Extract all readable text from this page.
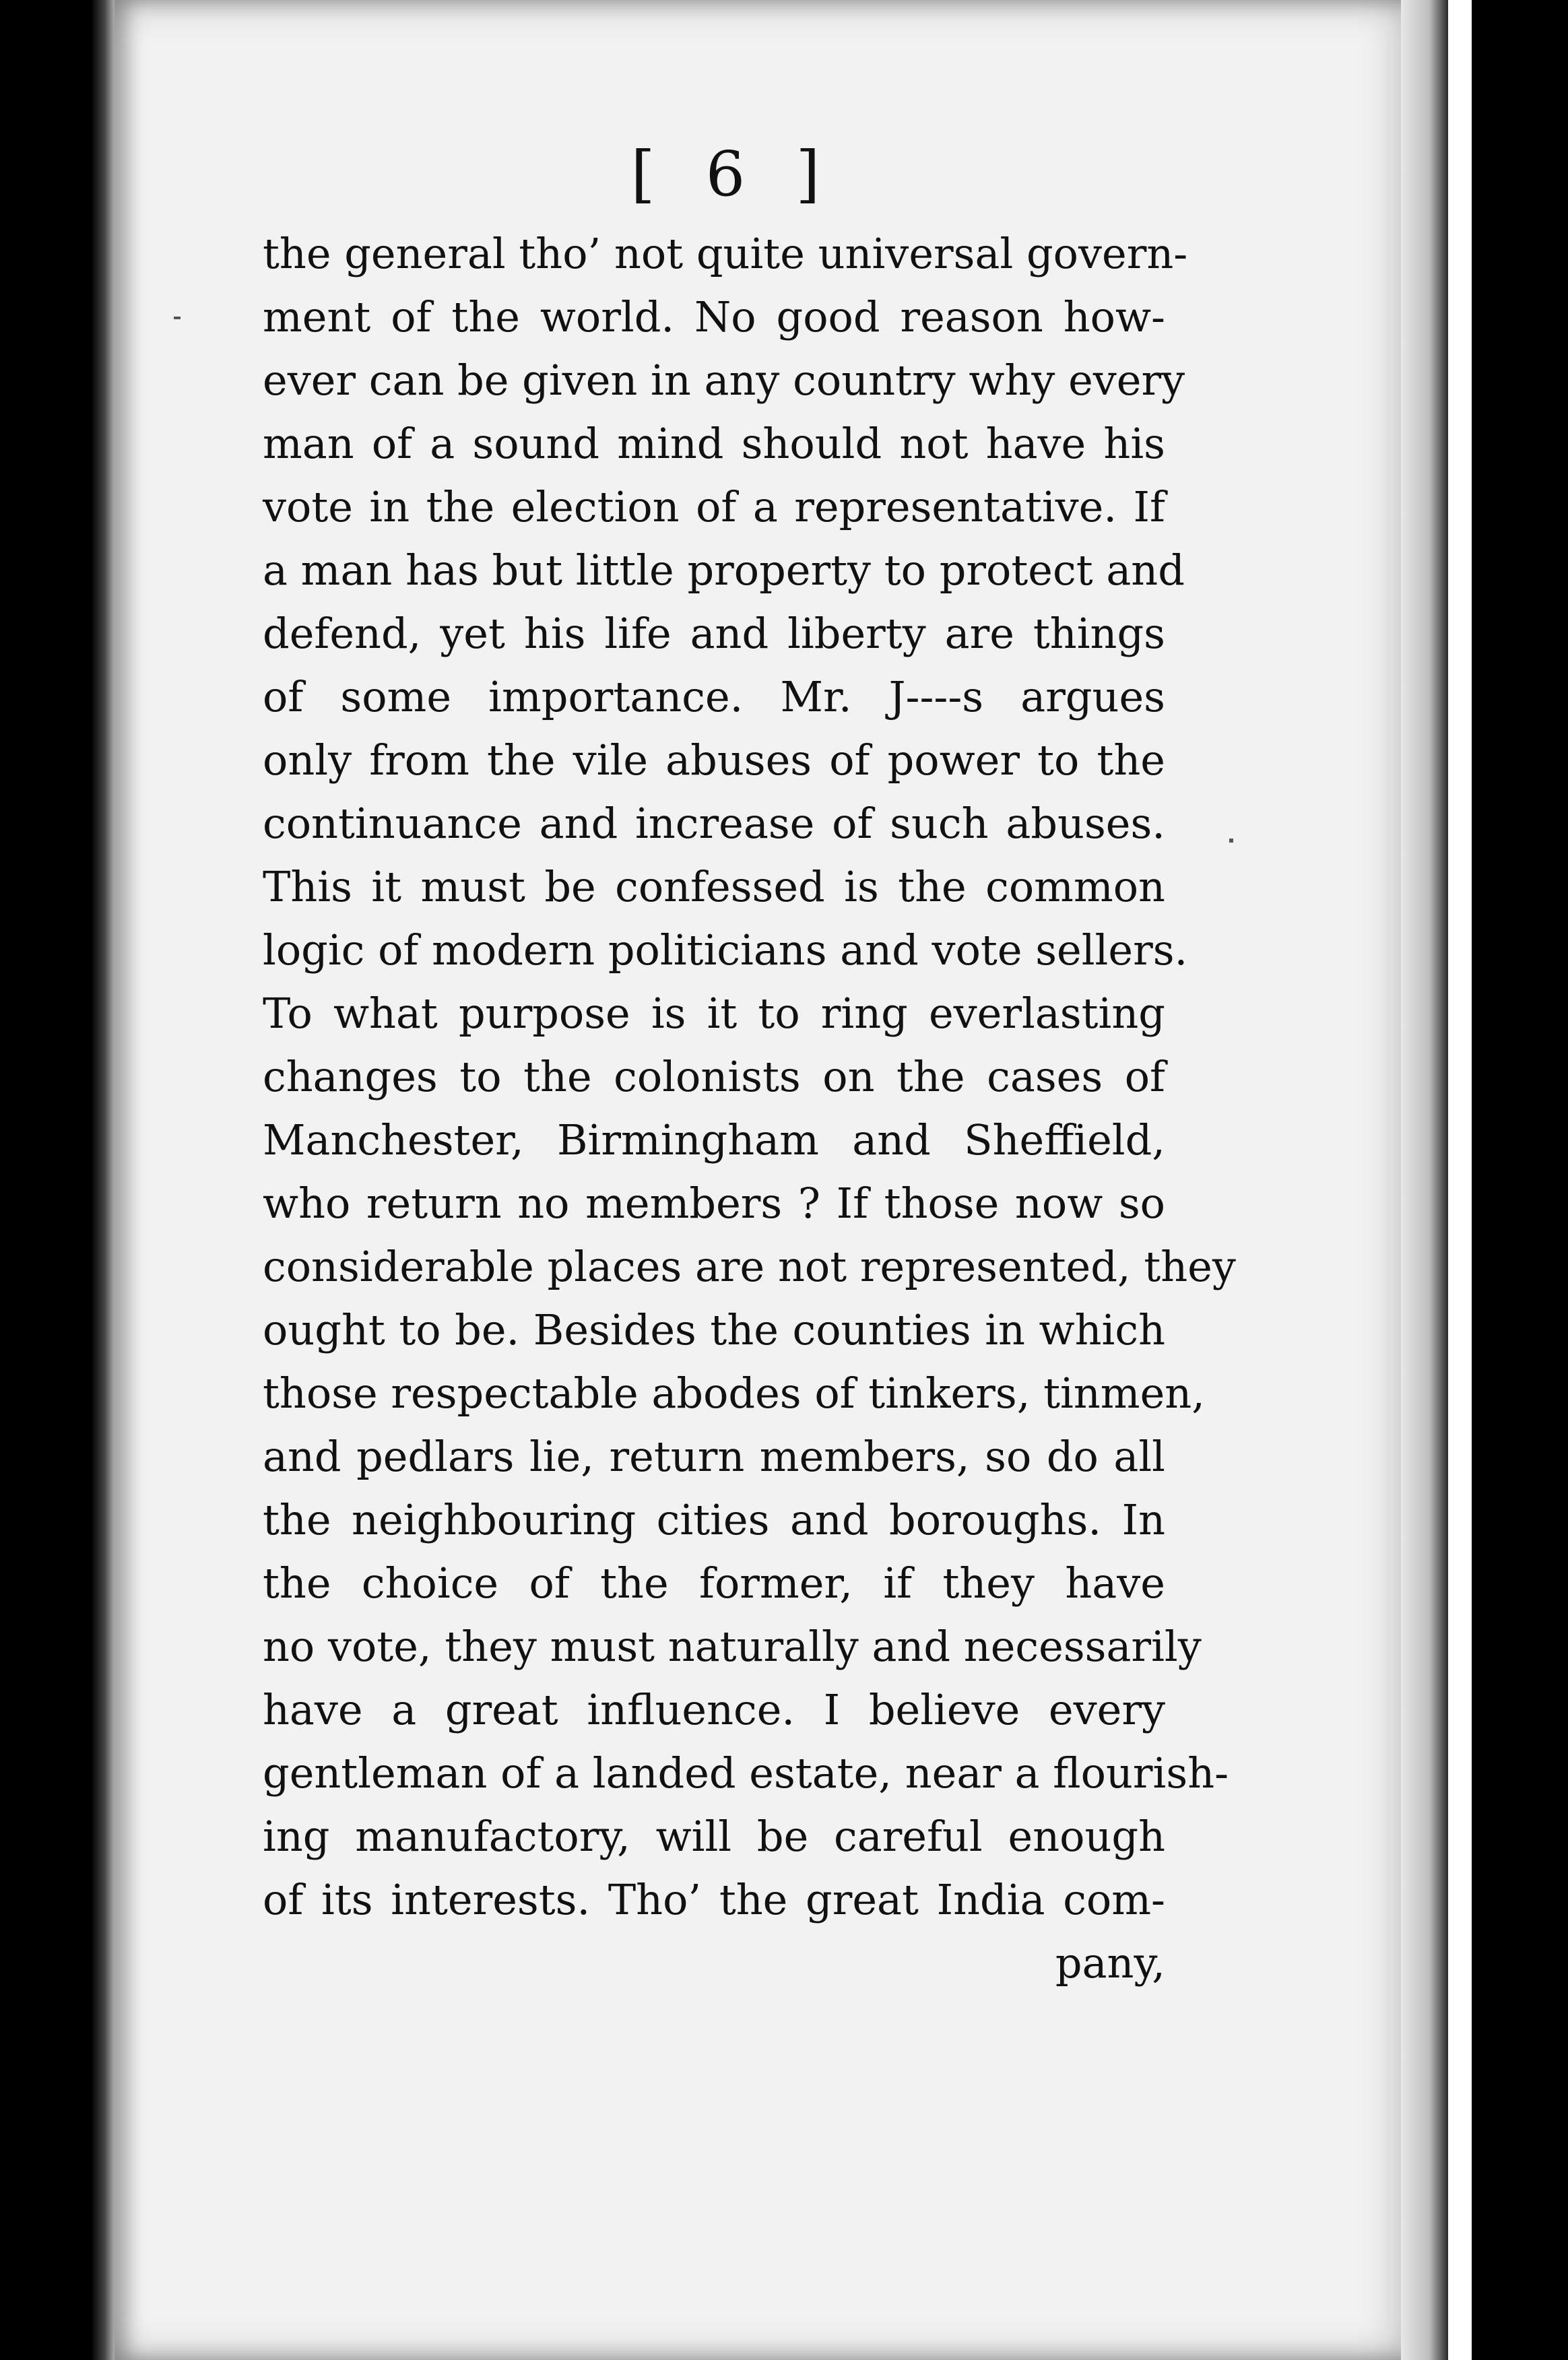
[ 6 ]
the general tho’ not quite universal govern-
ment of the world. No good reason how-
ever can be given in any country why every
man of a sound mind should not have his
vote in the election of a representative. If
a man has but little property to protect and
defend, yet his life and liberty are things
of some importance. Mr. J----s argues
only from the vile abuses of power to the
continuance and increase of such abuses.
This it must be confessed is the common
logic of modern politicians and vote sellers.
To what purpose is it to ring everlasting
changes to the colonists on the cases of
Manchester, Birmingham and Sheffield,
who return no members ? If those now so
considerable places are not represented, they
ought to be. Besides the counties in which
those respectable abodes of tinkers, tinmen,
and pedlars lie, return members, so do all
the neighbouring cities and boroughs. In
the choice of the former, if they have
no vote, they must naturally and necessarily
have a great influence. I believe every
gentleman of a landed estate, near a flourish-
ing manufactory, will be careful enough
of its interests. Tho’ the great India com-
pany,
